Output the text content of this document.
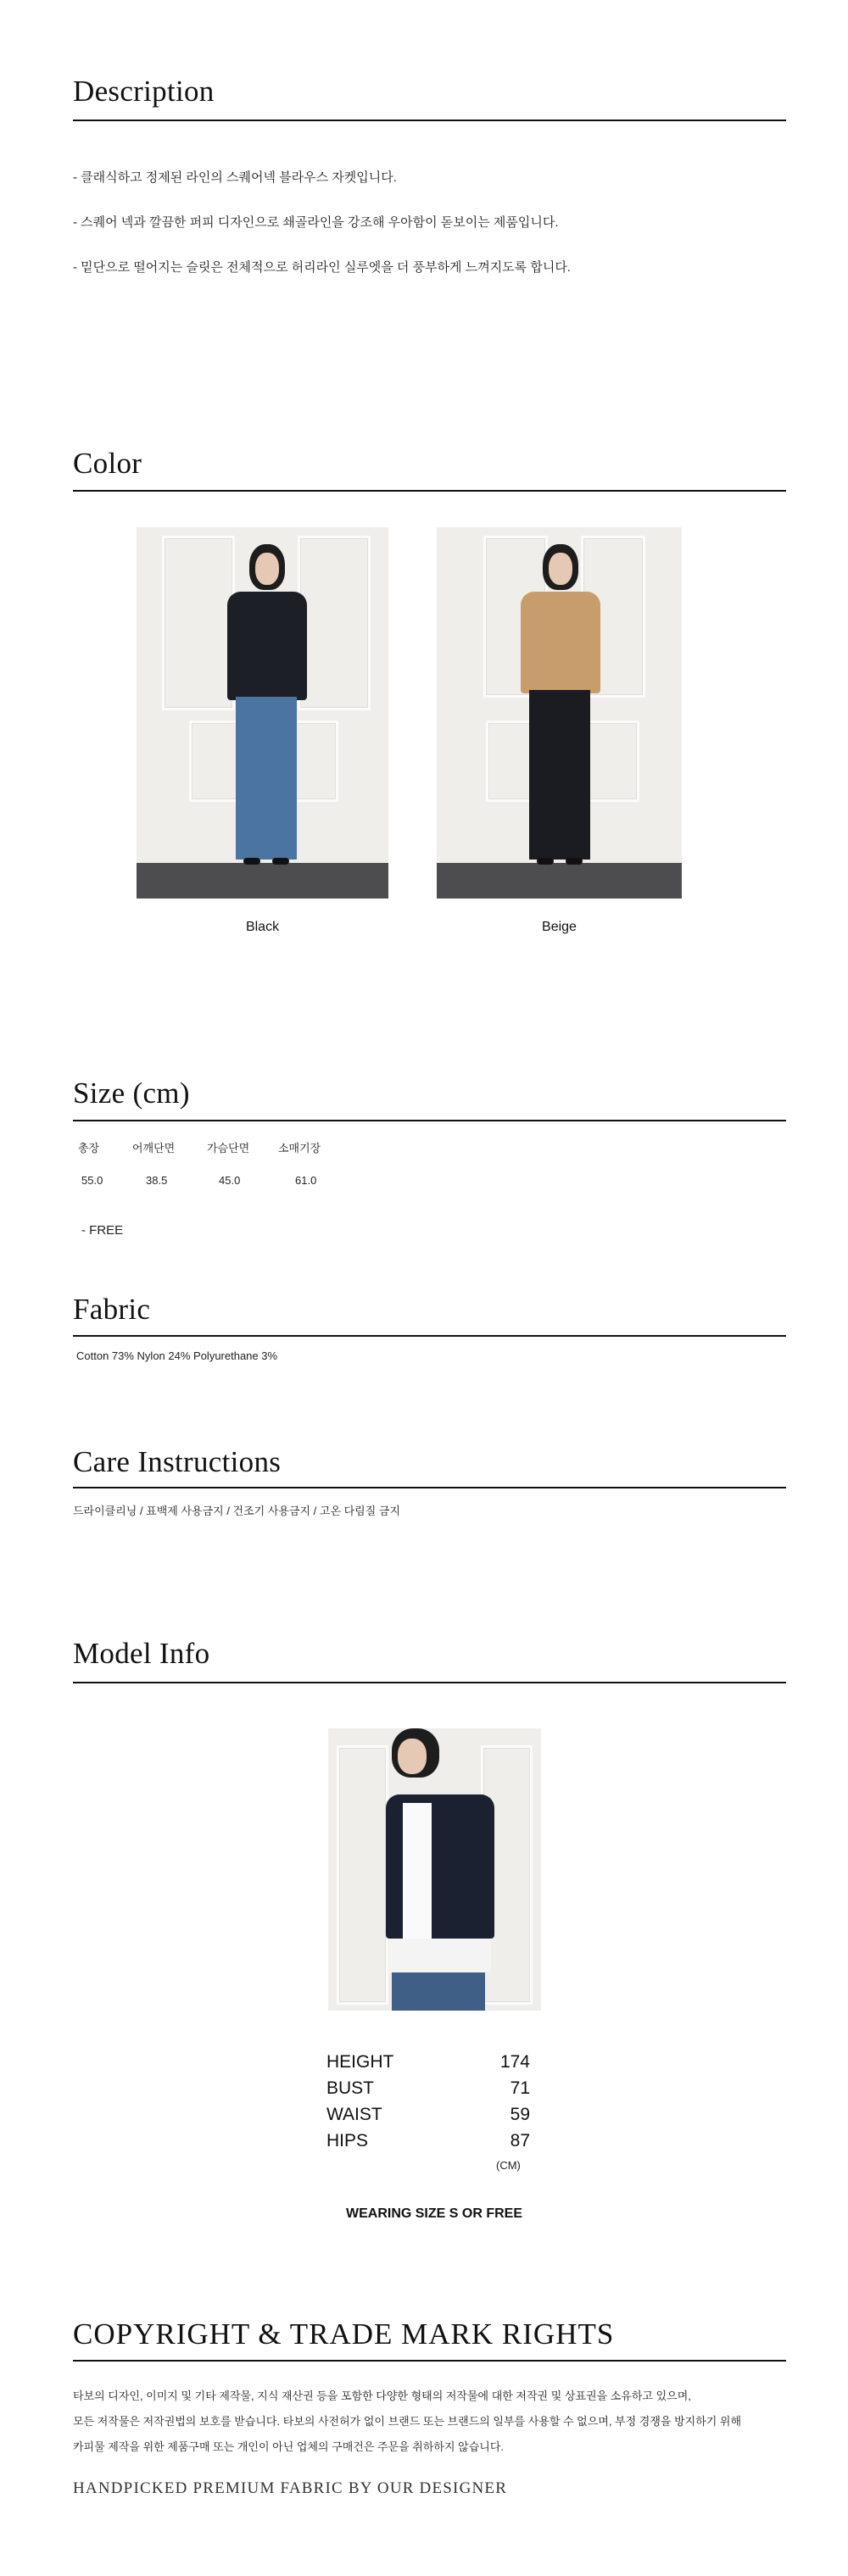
Description
- 클래식하고 정제된 라인의 스퀘어넥 블라우스 자켓입니다.
- 스퀘어 넥과 깔끔한 퍼피 디자인으로 쇄골라인을 강조해 우아함이 돋보이는 제품입니다.
- 밑단으로 떨어지는 슬릿은 전체적으로 허리라인 실루엣을 더 풍부하게 느껴지도록 합니다.
Color
Black	Beige
Size (cm)
총장	어깨단면	가슴단면	소매기장
55.0	38.5	45.0	61.0
- FREE
Fabric
Cotton 73% Nylon 24% Polyurethane 3%
Care Instructions
드라이클리닝 / 표백제 사용금지 / 건조기 사용금지 / 고온 다림질 금지
Model Info
HEIGHT	174
BUST	71
WAIST	59
HIPS	87
(CM)
WEARING SIZE S OR FREE
COPYRIGHT & TRADE MARK RIGHTS
타보의 디자인, 이미지 및 기타 제작물, 지식 재산권 등을 포함한 다양한 형태의 저작물에 대한 저작권 및 상표권을 소유하고 있으며,
모든 저작물은 저작권법의 보호를 받습니다. 타보의 사전허가 없이 브랜드 또는 브랜드의 일부를 사용할 수 없으며, 부정 경쟁을 방지하기 위해
카피물 제작을 위한 제품구매 또는 개인이 아닌 업체의 구매건은 주문을 취하하지 않습니다.
HANDPICKED PREMIUM FABRIC BY OUR DESIGNER
